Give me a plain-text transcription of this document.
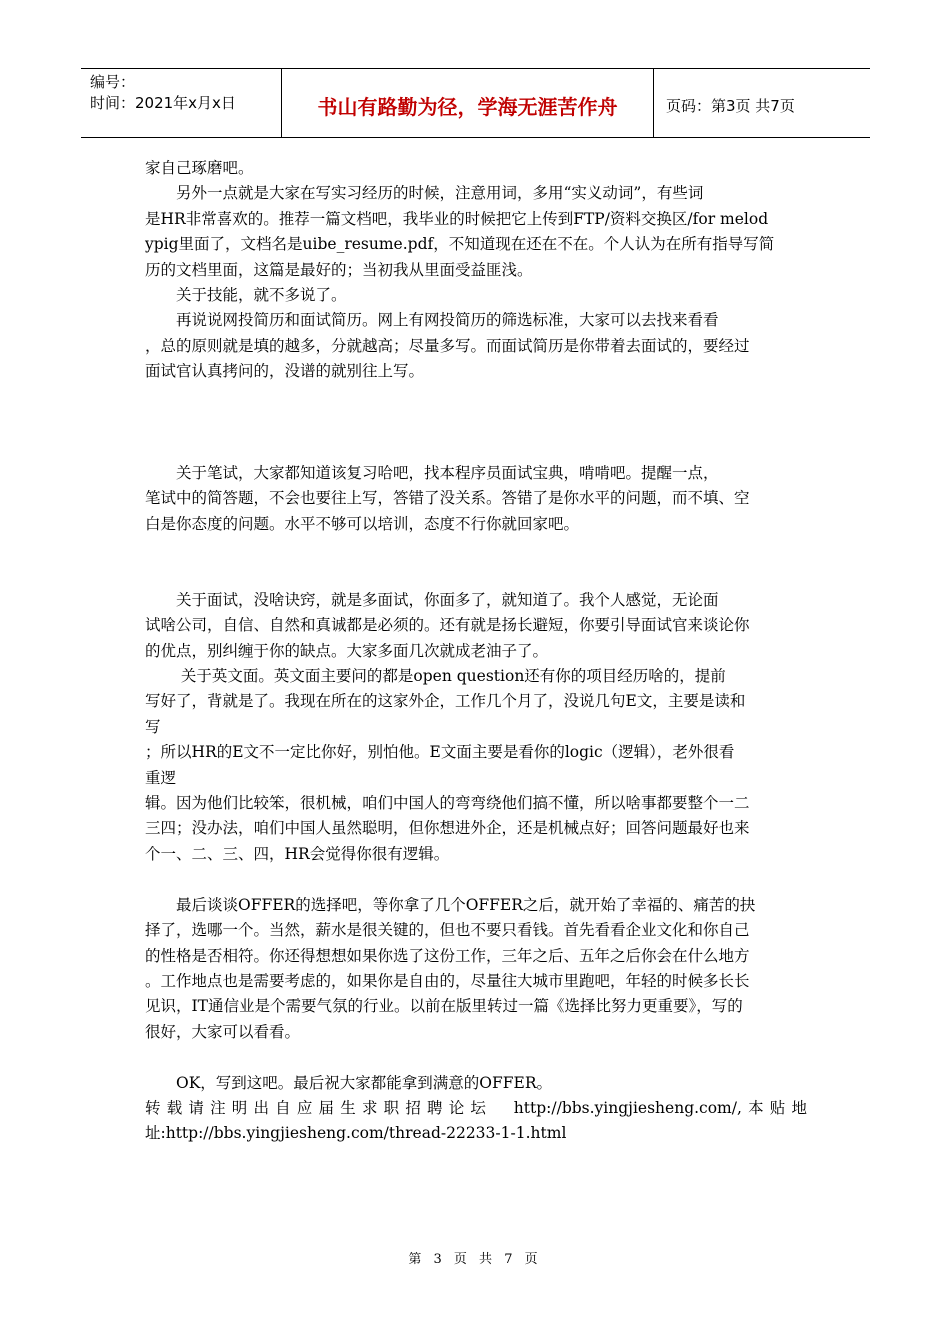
编号：
时间：2021年x月x日	书山有路勤为径，学海无涯苦作舟	页码：第3页 共7页

家自己琢磨吧。

　　另外一点就是大家在写实习经历的时候，注意用词，多用“实义动词”，有些词

是HR非常喜欢的。推荐一篇文档吧，我毕业的时候把它上传到FTP/资料交换区/for melod

ypig里面了，文档名是uibe_resume.pdf，不知道现在还在不在。个人认为在所有指导写简

历的文档里面，这篇是最好的；当初我从里面受益匪浅。

　　关于技能，就不多说了。

　　再说说网投简历和面试简历。网上有网投简历的筛选标准，大家可以去找来看看

，总的原则就是填的越多，分就越高；尽量多写。而面试简历是你带着去面试的，要经过

面试官认真拷问的，没谱的就别往上写。

　　关于笔试，大家都知道该复习哈吧，找本程序员面试宝典，啃啃吧。提醒一点，

笔试中的简答题，不会也要往上写，答错了没关系。答错了是你水平的问题，而不填、空

白是你态度的问题。水平不够可以培训，态度不行你就回家吧。

　　关于面试，没啥诀窍，就是多面试，你面多了，就知道了。我个人感觉，无论面

试啥公司，自信、自然和真诚都是必须的。还有就是扬长避短，你要引导面试官来谈论你

的优点，别纠缠于你的缺点。大家多面几次就成老油子了。

　　 关于英文面。英文面主要问的都是open question还有你的项目经历啥的，提前

写好了，背就是了。我现在所在的这家外企，工作几个月了，没说几句E文，主要是读和

写

；所以HR的E文不一定比你好，别怕他。E文面主要是看你的logic（逻辑），老外很看

重逻

辑。因为他们比较笨，很机械，咱们中国人的弯弯绕他们搞不懂，所以啥事都要整个一二

三四；没办法，咱们中国人虽然聪明，但你想进外企，还是机械点好；回答问题最好也来

个一、二、三、四，HR会觉得你很有逻辑。

　　最后谈谈OFFER的选择吧，等你拿了几个OFFER之后，就开始了幸福的、痛苦的抉

择了，选哪一个。当然，薪水是很关键的，但也不要只看钱。首先看看企业文化和你自己

的性格是否相符。你还得想想如果你选了这份工作，三年之后、五年之后你会在什么地方

。工作地点也是需要考虑的，如果你是自由的，尽量往大城市里跑吧，年轻的时候多长长

见识，IT通信业是个需要气氛的行业。以前在版里转过一篇《选择比努力更重要》，写的

很好，大家可以看看。

　　OK，写到这吧。最后祝大家都能拿到满意的OFFER。

转载请注明出自应届生求职招聘论坛　http://bbs.yingjiesheng.com/,本贴地

址:http://bbs.yingjiesheng.com/thread-22233-1-1.html

第 3 页 共 7 页
